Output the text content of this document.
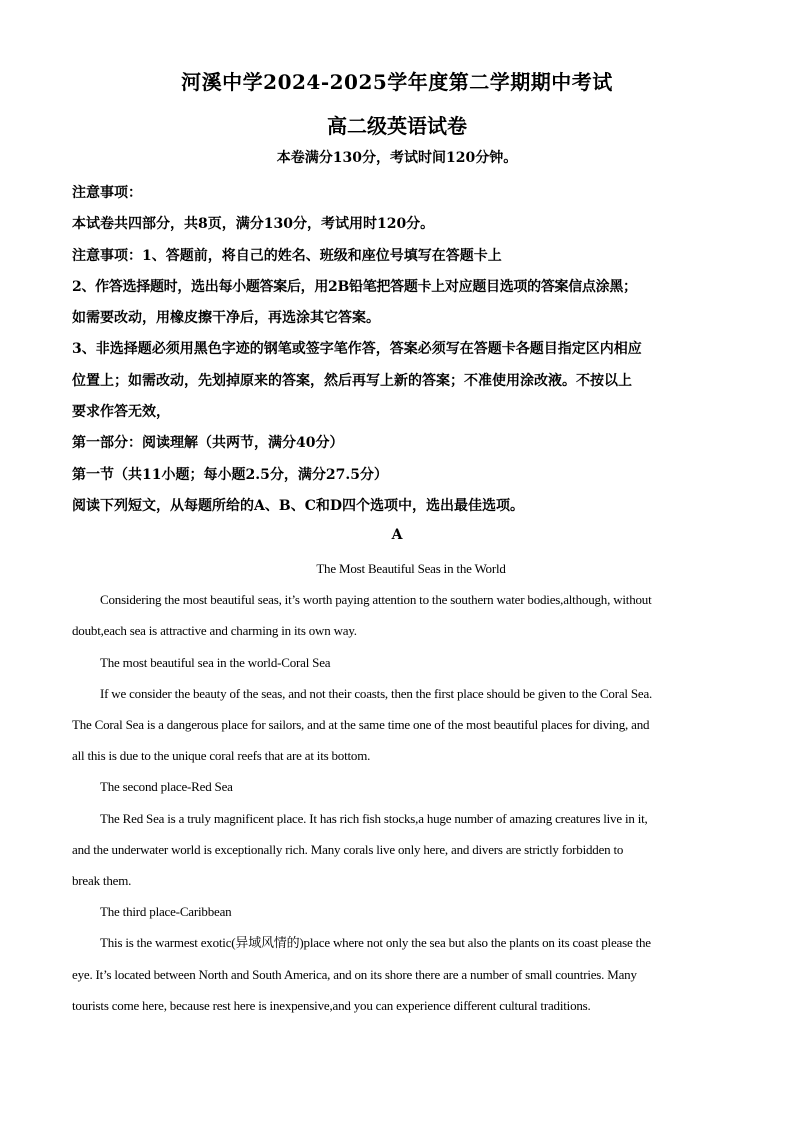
河溪中学2024-2025学年度第二学期期中考试
高二级英语试卷
本卷满分130分，考试时间120分钟。

注意事项：

本试卷共四部分，共8页，满分130分，考试用时120分。

注意事项：1、答题前，将自己的姓名、班级和座位号填写在答题卡上

2、作答选择题时，选出每小题答案后，用2B铅笔把答题卡上对应题目选项的答案信点涂黑；

如需要改动，用橡皮擦干净后，再选涂其它答案。

3、非选择题必须用黑色字迹的钢笔或签字笔作答，答案必须写在答题卡各题目指定区内相应

位置上；如需改动，先划掉原来的答案，然后再写上新的答案；不准使用涂改液。不按以上

要求作答无效，

第一部分：阅读理解（共两节，满分40分）

第一节（共11小题；每小题2.5分，满分27.5分）

阅读下列短文，从每题所给的A、B、C和D四个选项中，选出最佳选项。

A

The Most Beautiful Seas in the World

Considering the most beautiful seas, it’s worth paying attention to the southern water bodies,although, without

doubt,each sea is attractive and charming in its own way.

The most beautiful sea in the world-Coral Sea

If we consider the beauty of the seas, and not their coasts, then the first place should be given to the Coral Sea.

The Coral Sea is a dangerous place for sailors, and at the same time one of the most beautiful places for diving, and

all this is due to the unique coral reefs that are at its bottom.

The second place-Red Sea

The Red Sea is a truly magnificent place. It has rich fish stocks,a huge number of amazing creatures live in it,

and the underwater world is exceptionally rich. Many corals live only here, and divers are strictly forbidden to

break them.

The third place-Caribbean

This is the warmest exotic(异域风情的)place where not only the sea but also the plants on its coast please the

eye. It’s located between North and South America, and on its shore there are a number of small countries. Many

tourists come here, because rest here is inexpensive,and you can experience different cultural traditions.
